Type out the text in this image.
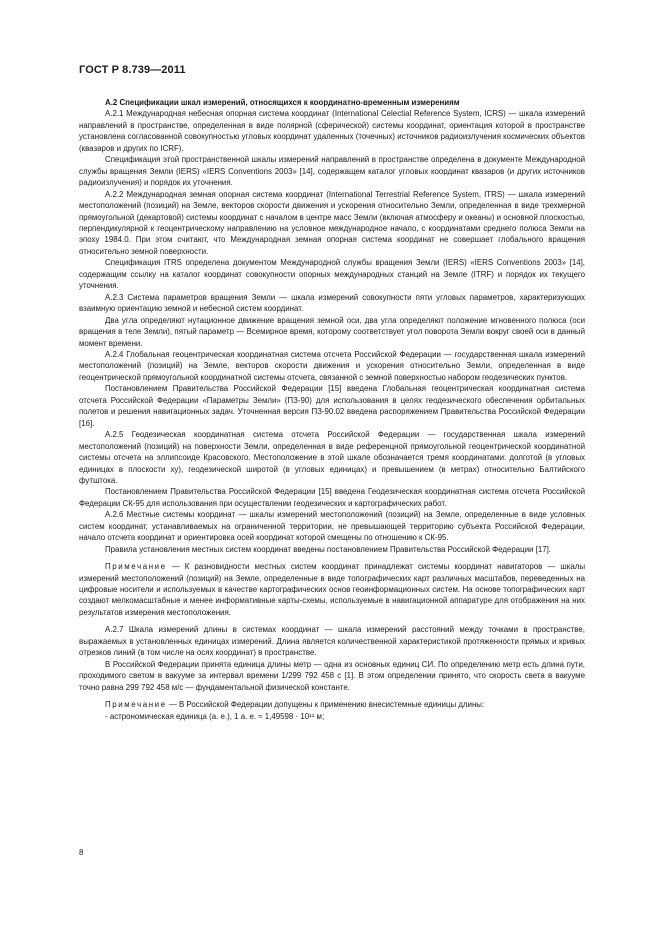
ГОСТ Р 8.739—2011

А.2 Спецификации шкал измерений, относящихся к координатно-временным измерениям

А.2.1 Международная небесная опорная система координат (International Celectial Reference System, ICRS) — шкала измерений направлений в пространстве, определенная в виде полярной (сферической) системы координат, ориентация которой в пространстве установлена согласованной совокупностью угловых координат удаленных (точечных) источников радиоизлучения космических объектов (квазаров и других по ICRF).

Спецификация этой пространственной шкалы измерений направлений в пространстве определена в документе Международной службы вращения Земли (IERS) «IERS Conventions 2003» [14], содержащем каталог угловых координат квазаров (и других источников радиоизлучения) и порядок их уточнения.

А.2.2 Международная земная опорная система координат (International Terrestrial Reference System, ITRS) — шкала измерений местоположений (позиций) на Земле, векторов скорости движения и ускорения относительно Земли, определенная в виде трехмерной прямоугольной (декартовой) системы координат с началом в центре масс Земли (включая атмосферу и океаны) и основной плоскостью, перпендикулярной к геоцентрическому направлению на условное международное начало, с координатами среднего полюса Земли на эпоху 1984.0. При этом считают, что Международная земная опорная система координат не совершает глобального вращения относительно земной поверхности.

Спецификация ITRS определена документом Международной службы вращения Земли (IERS) «IERS Conventions 2003» [14], содержащим ссылку на каталог координат совокупности опорных международных станций на Земле (ITRF) и порядок их текущего уточнения.

А.2.3 Система параметров вращения Земли — шкала измерений совокупности пяти угловых параметров, характеризующих взаимную ориентацию земной и небесной систем координат.

Два угла определяют нутационное движение вращения земной оси, два угла определяют положение мгновенного полюса (оси вращения в теле Земли), пятый параметр — Всемирное время, которому соответствует угол поворота Земли вокруг своей оси в данный момент времени.

А.2.4 Глобальная геоцентрическая координатная система отсчета Российской Федерации — государственная шкала измерений местоположений (позиций) на Земле, векторов скорости движения и ускорения относительно Земли, определенная в виде геоцентрической прямоугольной координатной системы отсчета, связанной с земной поверхностью набором геодезических пунктов.

Постановлением Правительства Российской Федерации [15] введена Глобальная геоцентрическая координатная система отсчета Российской Федерации «Параметры Земли» (ПЗ-90) для использования в целях геодезического обеспечения орбитальных полетов и решения навигационных задач. Уточненная версия ПЗ-90.02 введена распоряжением Правительства Российской Федерации [16].

А.2.5 Геодезическая координатная система отсчета Российской Федерации — государственная шкала измерений местоположений (позиций) на поверхности Земли, определенная в виде референцной прямоугольной геоцентрической координатной системы отсчета на эллипсоиде Красовского. Местоположение в этой шкале обозначается тремя координатами: долготой (в угловых единицах в плоскости xy), геодезической широтой (в угловых единицах) и превышением (в метрах) относительно Балтийского футштока.

Постановлением Правительства Российской Федерации [15] введена Геодезическая координатная система отсчета Российской Федерации СК-95 для использования при осуществлении геодезических и картографических работ.

А.2.6 Местные системы координат — шкалы измерений местоположений (позиций) на Земле, определенные в виде условных систем координат, устанавливаемых на ограниченной территории, не превышающей территорию субъекта Российской Федерации, начало отсчета координат и ориентировка осей координат которой смещены по отношению к СК-95.

Правила установления местных систем координат введены постановлением Правительства Российской Федерации [17].

Примечание — К разновидности местных систем координат принадлежат системы координат навигаторов — шкалы измерений местоположений (позиций) на Земле, определенные в виде топографических карт различных масштабов, переведенных на цифровые носители и используемых в качестве картографических основ геоинформационных систем. На основе топографических карт создают мелкомасштабные и менее информативные карты-схемы, используемые в навигационной аппаратуре для отображения на них результатов измерения местоположения.

А.2.7 Шкала измерений длины в системах координат — шкала измерений расстояний между точками в пространстве, выражаемых в установленных единицах измерений. Длина является количественной характеристикой протяженности прямых и кривых отрезков линий (в том числе на осях координат) в пространстве.

В Российской Федерации принята единица длины метр — одна из основных единиц СИ. По определению метр есть длина пути, проходимого светом в вакууме за интервал времени 1/299 792 458 с [1]. В этом определении принято, что скорость света в вакууме точно равна 299 792 458 м/с — фундаментальной физической константе.

Примечание — В Российской Федерации допущены к применению внесистемные единицы длины:

- астрономическая единица (а. е.), 1 а. е. ≈ 1,49598 · 10¹¹ м;
8
